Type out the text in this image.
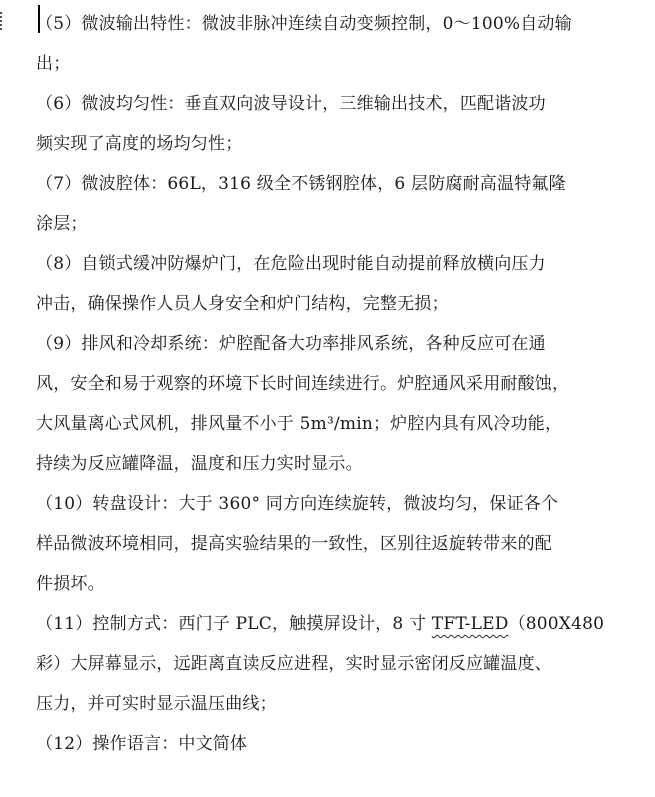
（5）微波输出特性：微波非脉冲连续自动变频控制，0～100%自动输
出；

（6）微波均匀性：垂直双向波导设计，三维输出技术，匹配谐波功
频实现了高度的场均匀性；

（7）微波腔体：66L，316 级全不锈钢腔体，6 层防腐耐高温特氟隆
涂层；

（8）自锁式缓冲防爆炉门，在危险出现时能自动提前释放横向压力
冲击，确保操作人员人身安全和炉门结构，完整无损；

（9）排风和冷却系统：炉腔配备大功率排风系统，各种反应可在通
风，安全和易于观察的环境下长时间连续进行。炉腔通风采用耐酸蚀，
大风量离心式风机，排风量不小于 5m³/min；炉腔内具有风冷功能，
持续为反应罐降温，温度和压力实时显示。

（10）转盘设计：大于 360° 同方向连续旋转，微波均匀，保证各个
样品微波环境相同，提高实验结果的一致性，区别往返旋转带来的配
件损坏。

（11）控制方式：西门子 PLC，触摸屏设计，8 寸 TFT-LED（800X480
彩）大屏幕显示，远距离直读反应进程，实时显示密闭反应罐温度、
压力，并可实时显示温压曲线；

（12）操作语言：中文简体
